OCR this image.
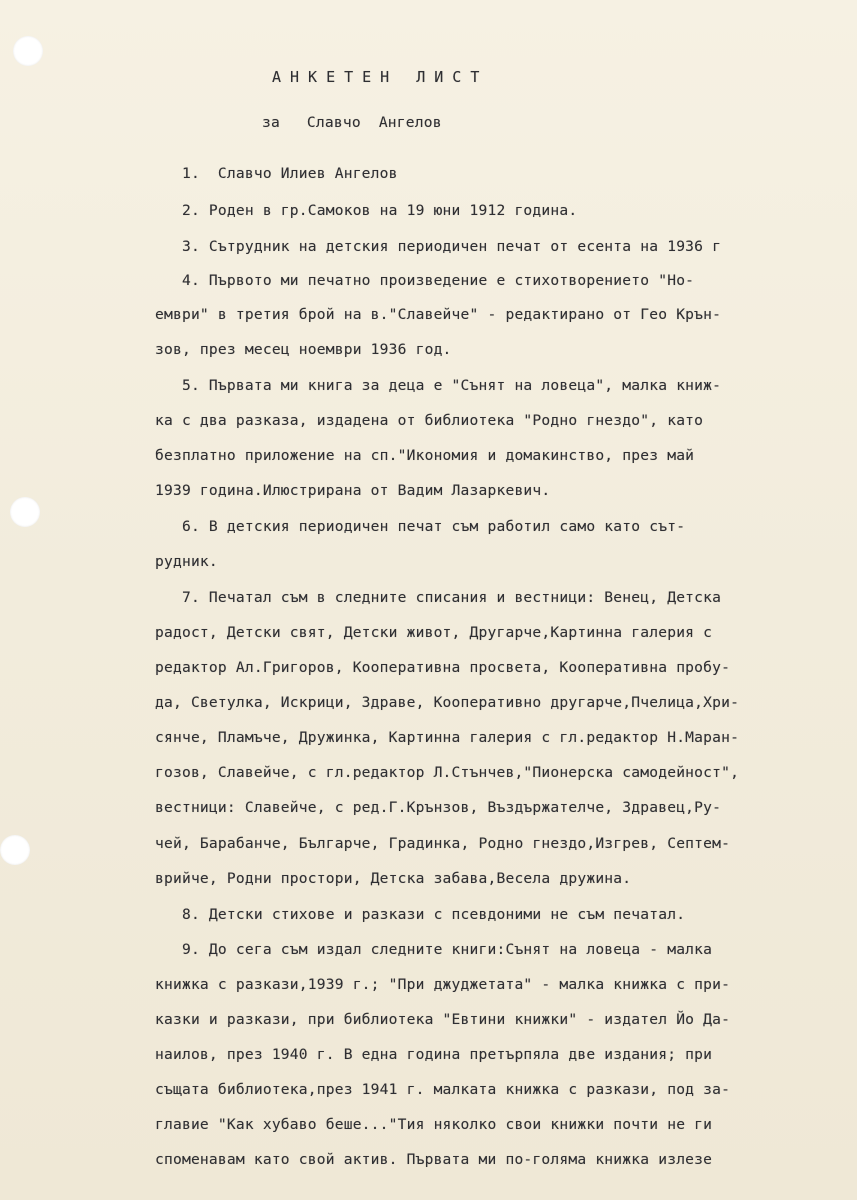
АНКЕТЕН ЛИСТ
за   Славчо  Ангелов
1.  Славчо Илиев Ангелов
2. Роден в гр.Самоков на 19 юни 1912 година.
3. Сътрудник на детския периодичен печат от есента на 1936 г
4. Първото ми печатно произведение е стихотворението "Но-
ември" в третия брой на в."Славейче" - редактирано от Гео Крън-
зов, през месец ноември 1936 год.
5. Първата ми книга за деца е "Сънят на ловеца", малка книж-
ка с два разказа, издадена от библиотека "Родно гнездо", като
безплатно приложение на сп."Икономия и домакинство, през май
1939 година.Илюстрирана от Вадим Лазаркевич.
6. В детския периодичен печат съм работил само като сът-
рудник.
7. Печатал съм в следните списания и вестници: Венец, Детска
радост, Детски свят, Детски живот, Другарче,Картинна галерия с
редактор Ал.Григоров, Кооперативна просвета, Кооперативна пробу-
да, Светулка, Искрици, Здраве, Кооперативно другарче,Пчелица,Хри-
сянче, Пламъче, Дружинка, Картинна галерия с гл.редактор Н.Маран-
гозов, Славейче, с гл.редактор Л.Стънчев,"Пионерска самодейност",
вестници: Славейче, с ред.Г.Крънзов, Въздържателче, Здравец,Ру-
чей, Барабанче, Българче, Градинка, Родно гнездо,Изгрев, Септем-
врийче, Родни простори, Детска забава,Весела дружина.
8. Детски стихове и разкази с псевдоними не съм печатал.
9. До сега съм издал следните книги:Сънят на ловеца - малка
книжка с разкази,1939 г.; "При джуджетата" - малка книжка с при-
казки и разкази, при библиотека "Евтини книжки" - издател Йо Да-
наилов, през 1940 г. В една година претърпяла две издания; при
същата библиотека,през 1941 г. малката книжка с разкази, под за-
главие "Как хубаво беше..."Тия няколко свои книжки почти не ги
споменавам като свой актив. Първата ми по-голяма книжка излезе
